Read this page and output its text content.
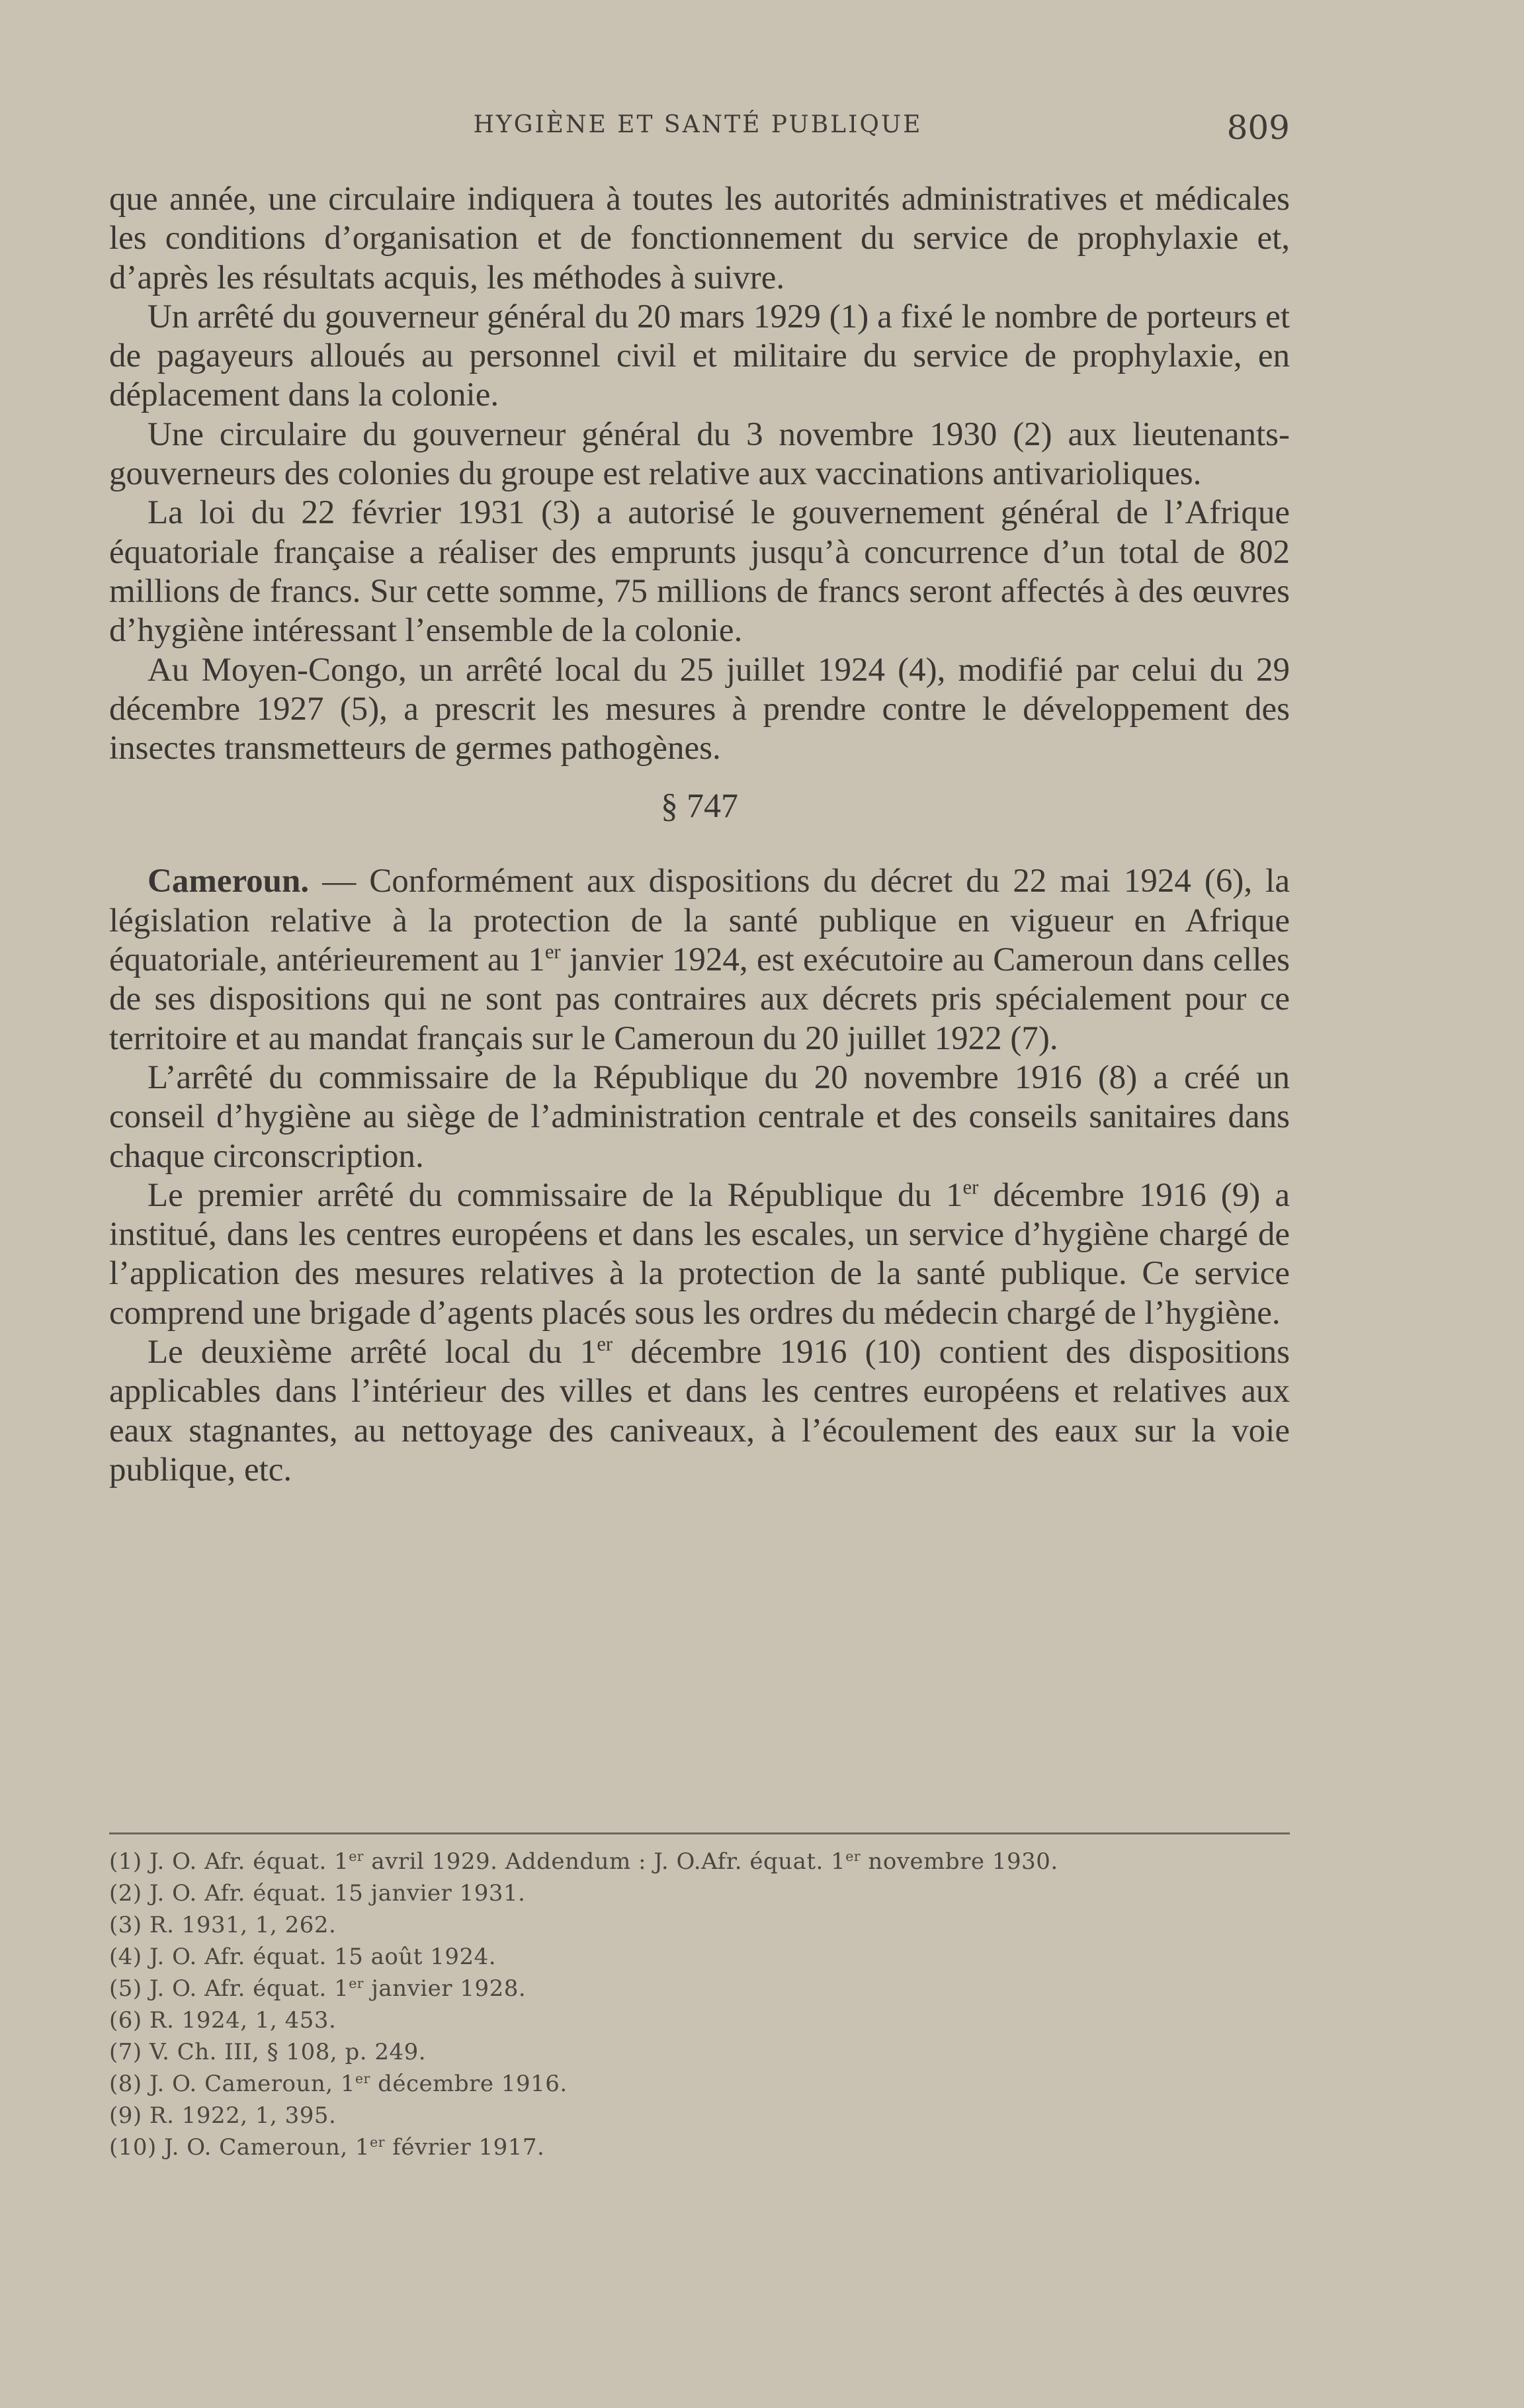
HYGIÈNE ET SANTÉ PUBLIQUE	809

que année, une circulaire indiquera à toutes les autorités administratives et médicales les conditions d’organisation et de fonctionnement du service de prophylaxie et, d’après les résultats acquis, les méthodes à suivre.

Un arrêté du gouverneur général du 20 mars 1929 (1) a fixé le nombre de porteurs et de pagayeurs alloués au personnel civil et militaire du service de prophylaxie, en déplacement dans la colonie.

Une circulaire du gouverneur général du 3 novembre 1930 (2) aux lieutenants-gouverneurs des colonies du groupe est relative aux vaccinations antivarioliques.

La loi du 22 février 1931 (3) a autorisé le gouvernement général de l’Afrique équatoriale française a réaliser des emprunts jusqu’à concurrence d’un total de 802 millions de francs. Sur cette somme, 75 millions de francs seront affectés à des œuvres d’hygiène intéressant l’ensemble de la colonie.

Au Moyen-Congo, un arrêté local du 25 juillet 1924 (4), modifié par celui du 29 décembre 1927 (5), a prescrit les mesures à prendre contre le développement des insectes transmetteurs de germes pathogènes.

§ 747

Cameroun. — Conformément aux dispositions du décret du 22 mai 1924 (6), la législation relative à la protection de la santé publique en vigueur en Afrique équatoriale, antérieurement au 1er janvier 1924, est exécutoire au Cameroun dans celles de ses dispositions qui ne sont pas contraires aux décrets pris spécialement pour ce territoire et au mandat français sur le Cameroun du 20 juillet 1922 (7).

L’arrêté du commissaire de la République du 20 novembre 1916 (8) a créé un conseil d’hygiène au siège de l’administration centrale et des conseils sanitaires dans chaque circonscription.

Le premier arrêté du commissaire de la République du 1er décembre 1916 (9) a institué, dans les centres européens et dans les escales, un service d’hygiène chargé de l’application des mesures relatives à la protection de la santé publique. Ce service comprend une brigade d’agents placés sous les ordres du médecin chargé de l’hygiène.

Le deuxième arrêté local du 1er décembre 1916 (10) contient des dispositions applicables dans l’intérieur des villes et dans les centres européens et relatives aux eaux stagnantes, au nettoyage des caniveaux, à l’écoulement des eaux sur la voie publique, etc.

(1) J. O. Afr. équat. 1er avril 1929. Addendum : J. O.Afr. équat. 1er novembre 1930.

(2) J. O. Afr. équat. 15 janvier 1931.

(3) R. 1931, 1, 262.

(4) J. O. Afr. équat. 15 août 1924.

(5) J. O. Afr. équat. 1er janvier 1928.

(6) R. 1924, 1, 453.

(7) V. Ch. III, § 108, p. 249.

(8) J. O. Cameroun, 1er décembre 1916.

(9) R. 1922, 1, 395.

(10) J. O. Cameroun, 1er février 1917.
